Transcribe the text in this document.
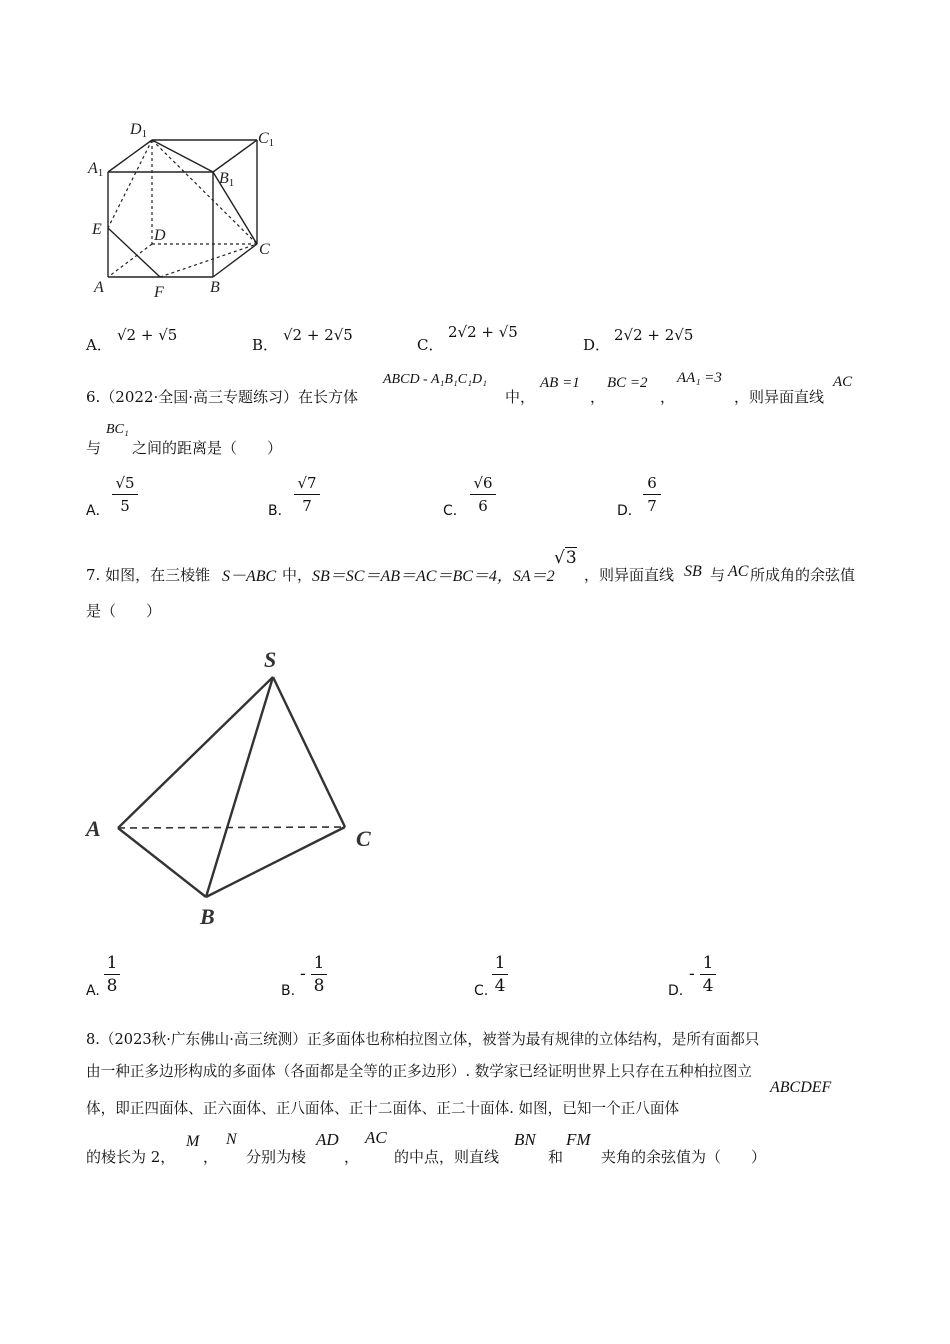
D1	C1
A1	B1
E	D
C
A	F	B
A．
√2 + √5
B．
√2 + 2√5
C．
2√2 + √5
D．
2√2 + 2√5
6.（2022·全国·高三专题练习）在长方体
ABCD - A₁B₁C₁D₁
中，
AB =1
，
BC =2
，
AA₁ =3
，则异面直线
AC
与
BC₁
之间的距离是（　　）
A．
√5
5	B．
√7
7	C．
√6
6	D．
6
7
7. 如图，在三棱锥 S－ABC 中， SB＝SC＝AB＝AC＝BC＝4，SA＝2
√3
，则异面直线 SB 与 AC 所成角的余弦值
是（　　）
S
A
B
C
A.
1
8	B.
-
1
8	C.
1
4	D.
-
1
4
8.（2023秋·广东佛山·高三统测）正多面体也称柏拉图立体，被誉为最有规律的立体结构，是所有面都只
由一种正多边形构成的多面体（各面都是全等的正多边形）. 数学家已经证明世界上只存在五种柏拉图立
体，即正四面体、正六面体、正八面体、正十二面体、正二十面体. 如图，已知一个正八面体
ABCDEF
的棱长为 2，
M
，
N
分别为棱
AD
，
AC
的中点，则直线
BN
和
FM
夹角的余弦值为（　　）
